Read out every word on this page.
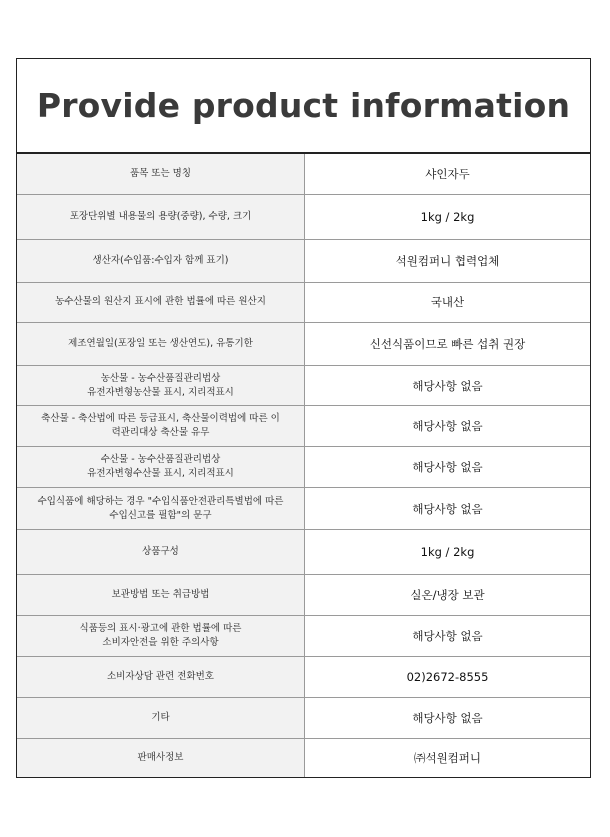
Provide product information
품목 또는 명칭	샤인자두
포장단위별 내용물의 용량(중량), 수량, 크기	1kg / 2kg
생산자(수입품:수입자 함께 표기)	석원컴퍼니 협력업체
농수산물의 원산지 표시에 관한 법률에 따른 원산지	국내산
제조연월일(포장일 또는 생산연도), 유통기한	신선식품이므로 빠른 섭취 권장
농산물 - 농수산품질관리법상
유전자변형농산물 표시, 지리적표시	해당사항 없음
축산물 - 축산법에 따른 등급표시, 축산물이력법에 따른 이
력관리대상 축산물 유무	해당사항 없음
수산물 - 농수산품질관리법상
유전자변형수산물 표시, 지리적표시	해당사항 없음
수입식품에 해당하는 경우 "수입식품안전관리특별법에 따른
수입신고를 필함"의 문구	해당사항 없음
상품구성	1kg / 2kg
보관방법 또는 취급방법	실온/냉장 보관
식품등의 표시·광고에 관한 법률에 따른
소비자안전을 위한 주의사항	해당사항 없음
소비자상담 관련 전화번호	02)2672-8555
기타	해당사항 없음
판매사정보	㈜석원컴퍼니
